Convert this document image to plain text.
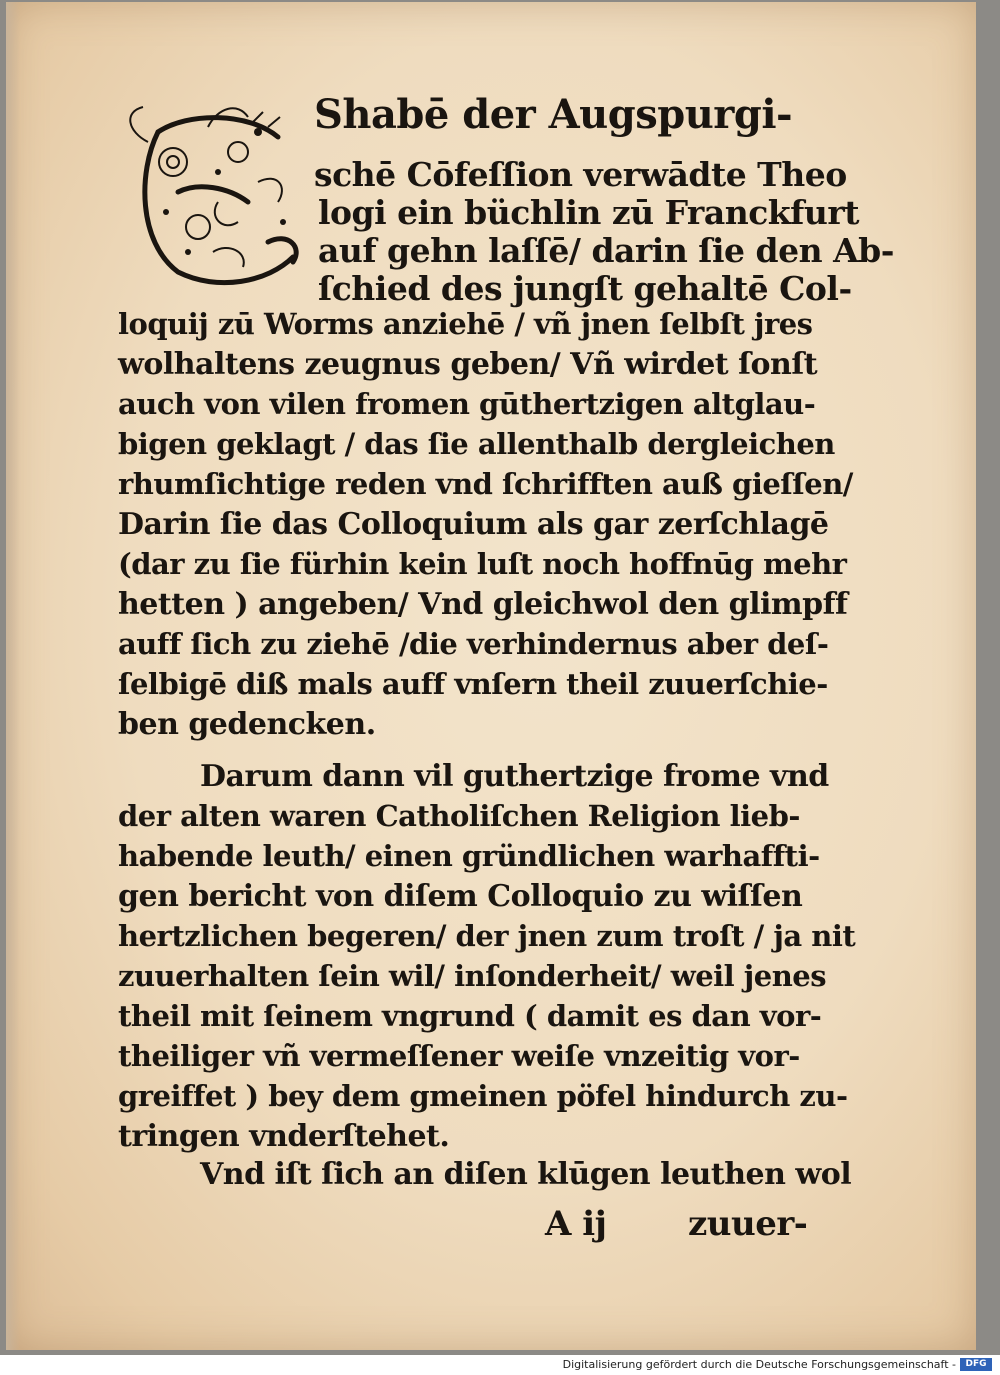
Shabē der Augspurgi-
schē Cōfeſſion verwādte Theo
logi ein büchlin zū Franckfurt
auf gehn laſſē/ darin ſie den Ab-
ſchied des jungſt gehaltē Col-
loquij zū Worms anziehē / vñ jnen ſelbſt jres
wolhaltens zeugnus geben/ Vñ wirdet ſonſt
auch von vilen fromen gūthertzigen altglau-
bigen geklagt / das ſie allenthalb dergleichen
rhumſichtige reden vnd ſchrifften auß gieſſen/
Darin ſie das Colloquium als gar zerſchlagē
(dar zu ſie fürhin kein luſt noch hoffnūg mehr
hetten ) angeben/ Vnd gleichwol den glimpff
auff ſich zu ziehē /die verhindernus aber deſ-
ſelbigē diß mals auff vnſern theil zuuerſchie-
ben gedencken.
Darum dann vil guthertzige frome vnd
der alten waren Catholiſchen Religion lieb-
habende leuth/ einen gründlichen warhaffti-
gen bericht von diſem Colloquio zu wiſſen
hertzlichen begeren/ der jnen zum troſt / ja nit
zuuerhalten ſein wil/ inſonderheit/ weil jenes
theil mit ſeinem vngrund ( damit es dan vor-
theiliger vñ vermeſſener weiſe vnzeitig vor-
greiffet ) bey dem gmeinen pöfel hindurch zu-
tringen vnderſtehet.
Vnd iſt ſich an diſen klūgen leuthen wol
A ij zuuer-
Digitalisierung gefördert durch die Deutsche Forschungsgemeinschaft -	DFG
